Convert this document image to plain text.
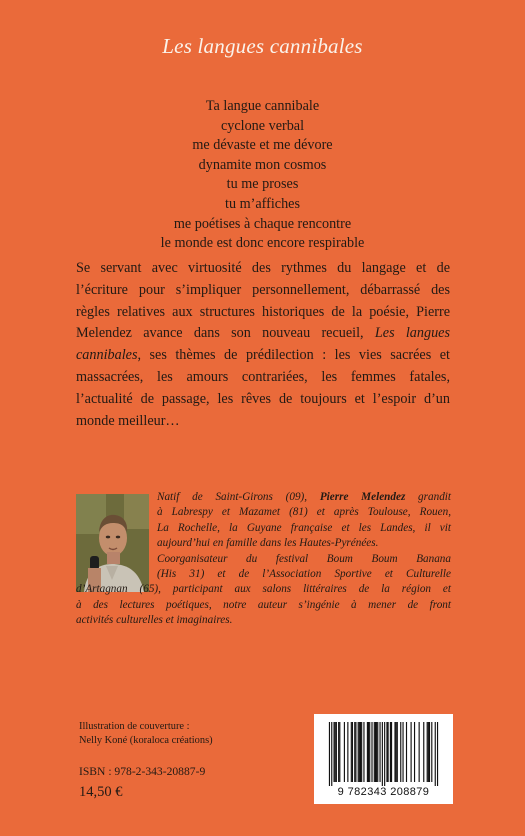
Les langues cannibales
Ta langue cannibale
cyclone verbal
me dévaste et me dévore
dynamite mon cosmos
tu me proses
tu m’affiches
me poétises à chaque rencontre
le monde est donc encore respirable
Se servant avec virtuosité des rythmes du langage et de
l’écriture pour s’impliquer personnellement, débarrassé des
règles relatives aux structures historiques de la poésie, Pierre
Melendez avance dans son nouveau recueil, Les langues
cannibales, ses thèmes de prédilection : les vies sacrées et
massacrées, les amours contrariées, les femmes fatales,
l’actualité de passage, les rêves de toujours et l’espoir d’un
monde meilleur…
Natif de Saint-Girons (09), Pierre Melendez grandit
à Labrespy et Mazamet (81) et après Toulouse, Rouen,
La Rochelle, la Guyane française et les Landes, il vit
aujourd’hui en famille dans les Hautes-Pyrénées.
Coorganisateur du festival Boum Boum Banana
(His 31) et de l’Association Sportive et Culturelle
d’Artagnan (65), participant aux salons littéraires de la région et
à des lectures poétiques, notre auteur s’ingénie à mener de front
activités culturelles et imaginaires.
Illustration de couverture :
Nelly Koné (koraloca créations)
ISBN : 978-2-343-20887-9
14,50 €	9 782343 208879
